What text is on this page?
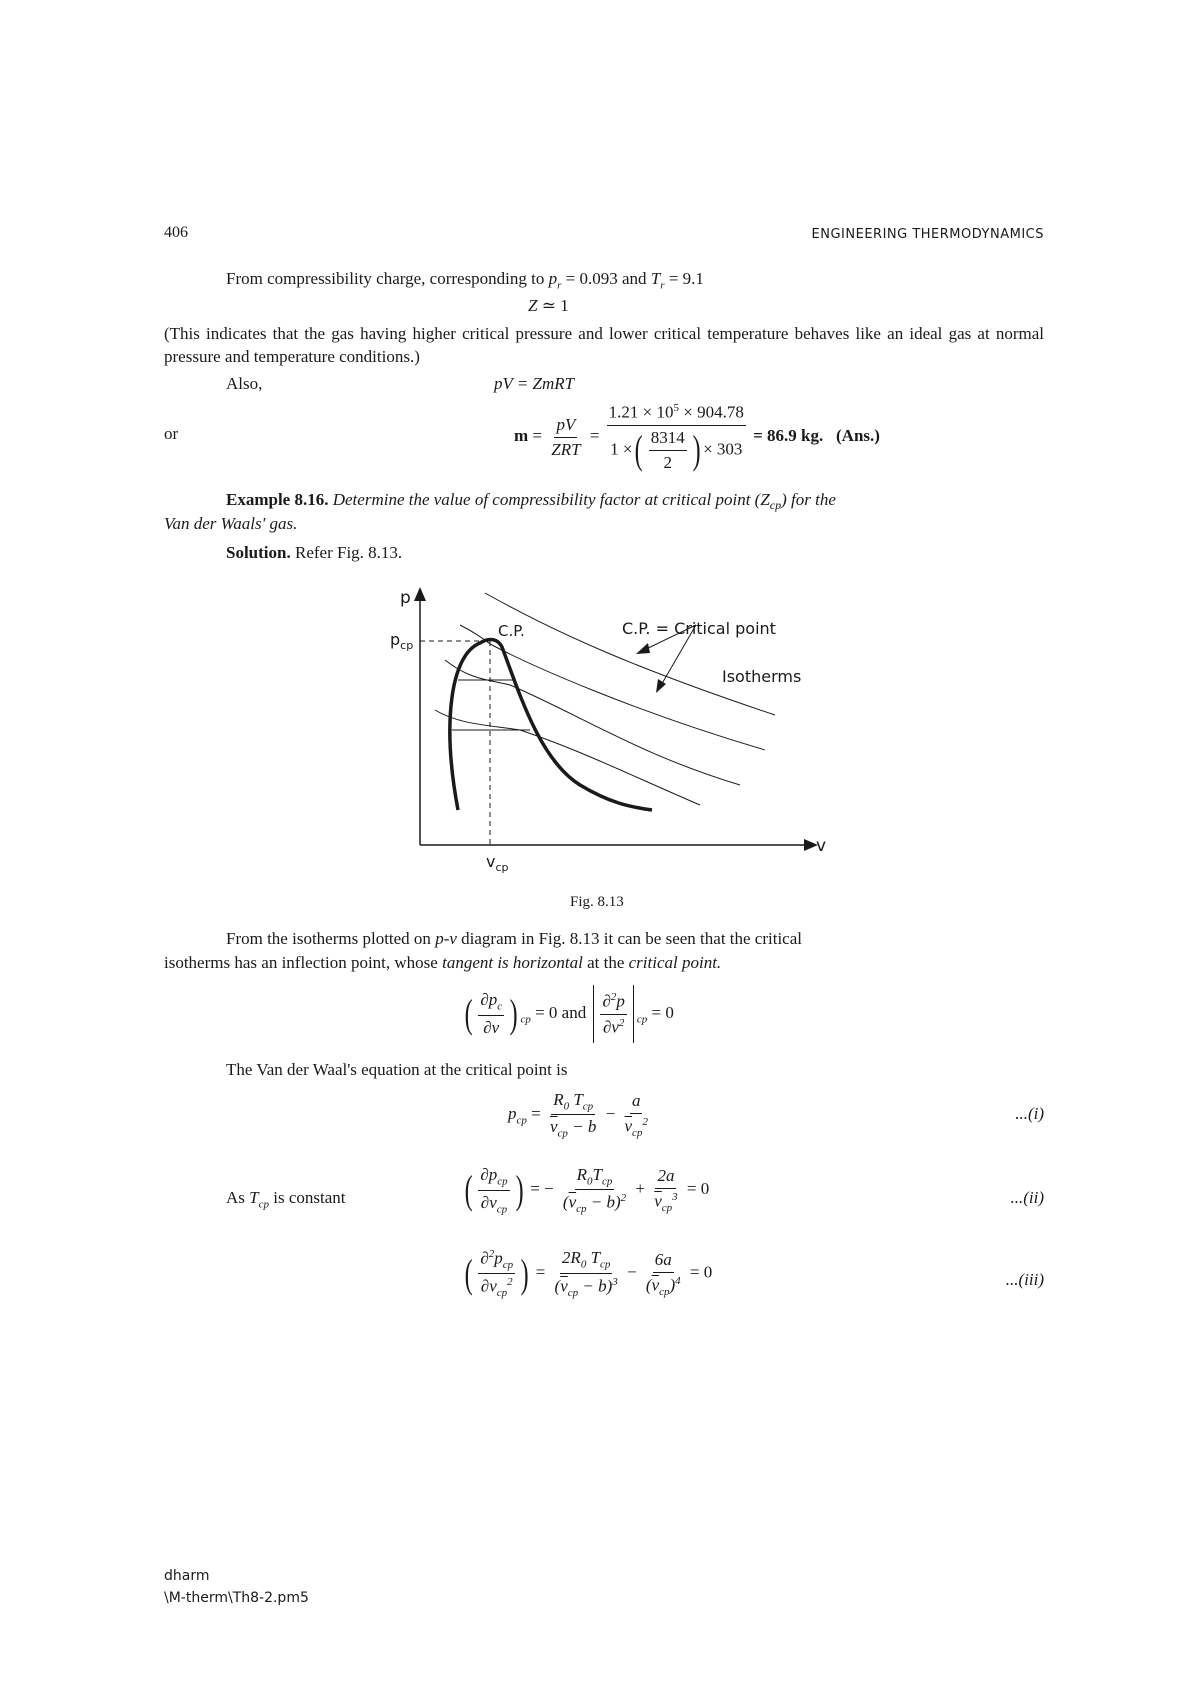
406	ENGINEERING THERMODYNAMICS
From compressibility charge, corresponding to $p_r = 0.093$ and $T_r = 9.1$
Z ≃ 1
(This indicates that the gas having higher critical pressure and lower critical temperature behaves like an ideal gas at normal pressure and temperature conditions.)
Also,	pV = ZmRT
or	$m = \frac{pV}{\text{ZRT}} = \frac{1.21 \times 10^5 \times 904.78}{1 \times( \frac{8314}{2} ) \times 303} = 86.9$ kg. (Ans.)
Example 8.16. Determine the value of compressibility factor at critical point $(Z_{cp})$ for the
Van der Waals' gas.
Solution. Refer Fig. 8.13.
p
v
$p_{cp}$
$v_{cp}$
C.P.	C.P. = Critical point
Isotherms
Fig. 8.13
From the isotherms plotted on p-v diagram in Fig. 8.13 it can be seen that the critical
isotherms has an inflection point, whose tangent is horizontal at the critical point.
( $\frac{\partial p_c}{\partial v}$ ) $_{cp}$ = 0 and $\frac{\partial^2p}{\partial v^2} _{cp} = 0$
The Van der Waal's equation at the critical point is
$p_{cp} = \frac{R_0 T_{cp}}{\overline{v}_{cp} - b} - \frac{a}{\overline{v}_{cp}^2}$	...(i)
As $T_{cp}$ is constant	( $\frac{\partial p_{cp}}{\partial v_{cp}}$ ) = − $\frac{R_0T_{cp}}{(\overline{v}_{cp} - b)^2} + \frac{2a}{\overline{v}_{cp}^3} = 0$	...(ii)
( $\frac{\partial^2p_{cp}}{\partial v_{cp}^2}$ ) = $\frac{2R_0 T_{cp}}{(\overline{v}_{cp} - b)^3} - \frac{6a}{(\overline{v}_{cp})^4} = 0$	...(iii)
dharm
\M-therm\Th8-2.pm5
